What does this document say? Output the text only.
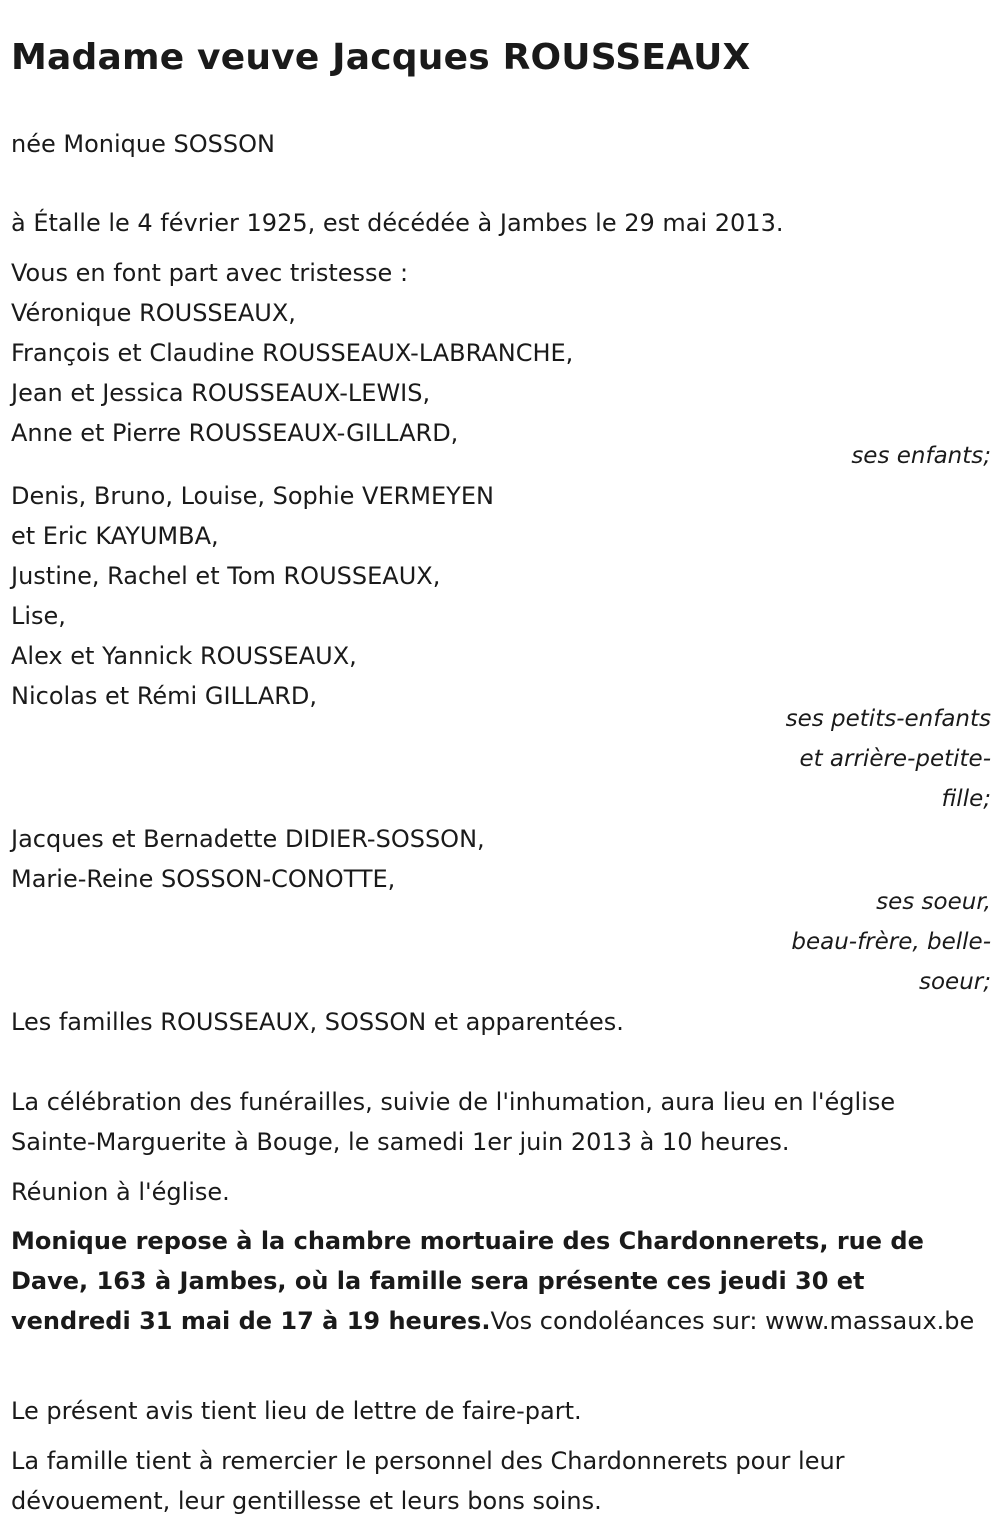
Madame veuve Jacques ROUSSEAUX

née Monique SOSSON

à Étalle le 4 février 1925, est décédée à Jambes le 29 mai 2013.

Vous en font part avec tristesse :

Véronique ROUSSEAUX,

François et Claudine ROUSSEAUX-LABRANCHE,

Jean et Jessica ROUSSEAUX-LEWIS,

Anne et Pierre ROUSSEAUX-GILLARD,

ses enfants;

Denis, Bruno, Louise, Sophie VERMEYEN

et Eric KAYUMBA,

Justine, Rachel et Tom ROUSSEAUX,

Lise,

Alex et Yannick ROUSSEAUX,

Nicolas et Rémi GILLARD,

ses petits-enfants
et arrière-petite-
fille;

Jacques et Bernadette DIDIER-SOSSON,

Marie-Reine SOSSON-CONOTTE,

ses soeur,
beau-frère, belle-
soeur;

Les familles ROUSSEAUX, SOSSON et apparentées.

La célébration des funérailles, suivie de l'inhumation, aura lieu en l'église Sainte-Marguerite à Bouge, le samedi 1er juin 2013 à 10 heures.

Réunion à l'église.

Monique repose à la chambre mortuaire des Chardonnerets, rue de Dave, 163 à Jambes, où la famille sera présente ces jeudi 30 et vendredi 31 mai de 17 à 19 heures.Vos condoléances sur: www.massaux.be

Le présent avis tient lieu de lettre de faire-part.

La famille tient à remercier le personnel des Chardonnerets pour leur dévouement, leur gentillesse et leurs bons soins.
